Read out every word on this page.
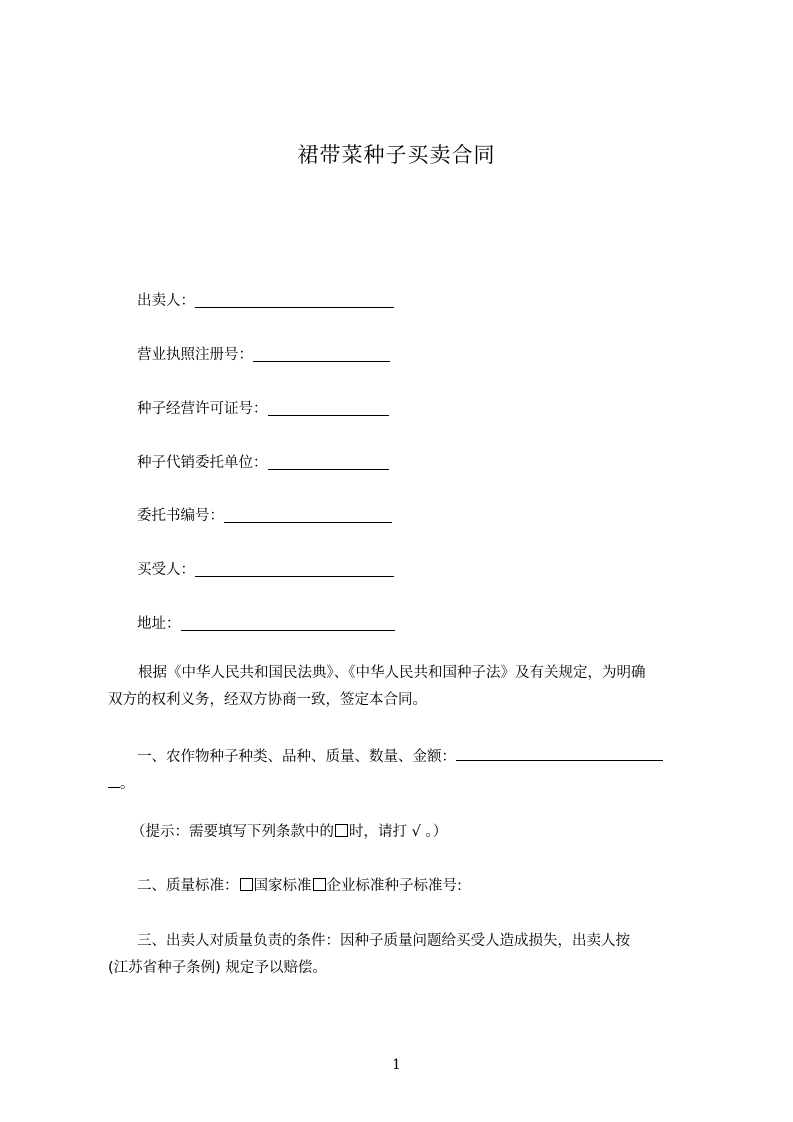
裙带菜种子买卖合同
出卖人：
营业执照注册号：
种子经营许可证号：
种子代销委托单位：
委托书编号：
买受人：
地址：
根据《中华人民共和国民法典》、《中华人民共和国种子法》及有关规定，为明确
双方的权利义务，经双方协商一致，签定本合同。
一、农作物种子种类、品种、质量、数量、金额：
。
（提示：需要填写下列条款中的 时，请打 √ 。）
二、质量标准： 国家标准 企业标准种子标准号:
三、出卖人对质量负责的条件：因种子质量问题给买受人造成损失，出卖人按
(江苏省种子条例) 规定予以赔偿。
1
